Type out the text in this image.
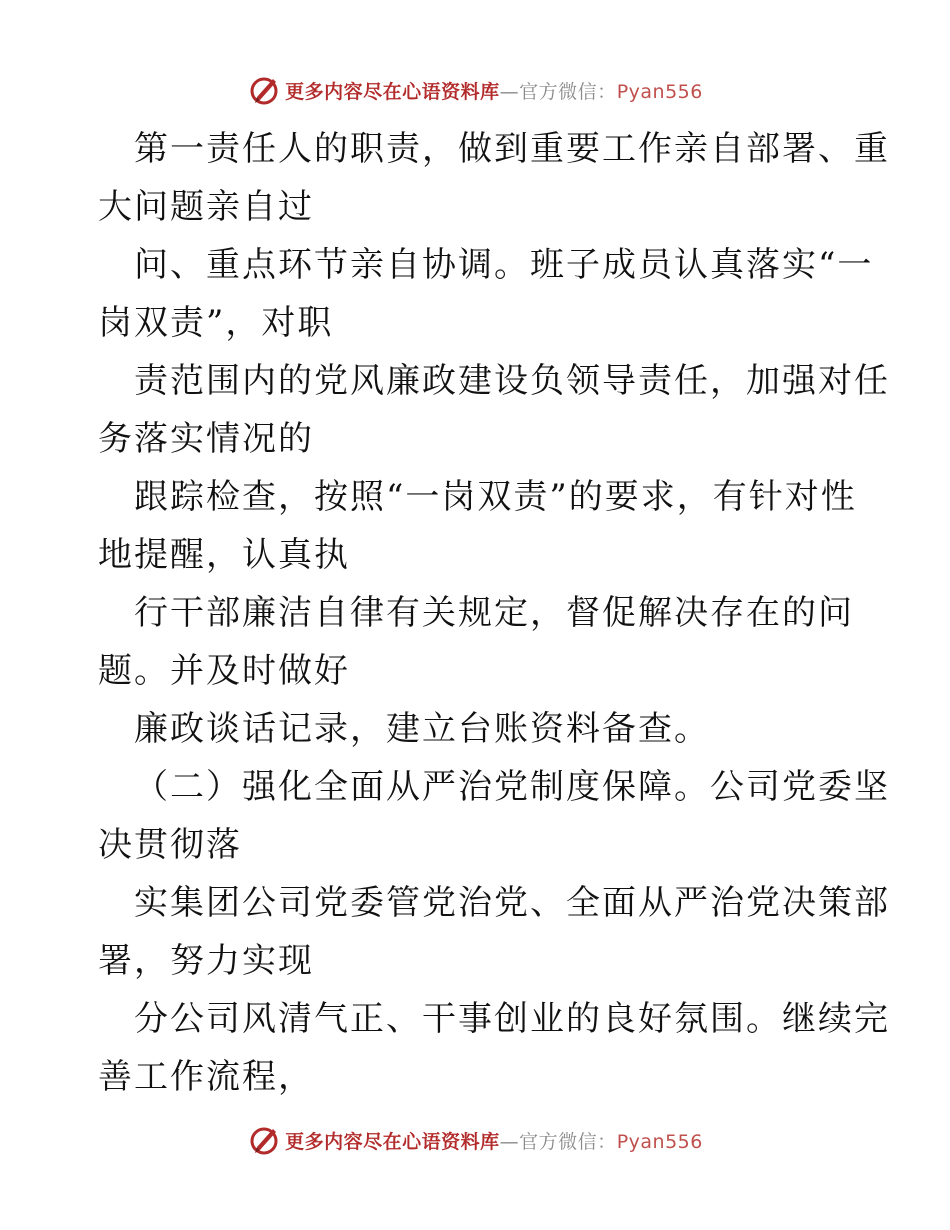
更多内容尽在心语资料库—官方微信：Pyan556
第一责任人的职责，做到重要工作亲自部署、重
大问题亲自过
问、重点环节亲自协调。班子成员认真落实“一
岗双责”，对职
责范围内的党风廉政建设负领导责任，加强对任
务落实情况的
跟踪检查，按照“一岗双责”的要求，有针对性
地提醒，认真执
行干部廉洁自律有关规定，督促解决存在的问
题。并及时做好
廉政谈话记录，建立台账资料备查。
（二）强化全面从严治党制度保障。公司党委坚
决贯彻落
实集团公司党委管党治党、全面从严治党决策部
署，努力实现
分公司风清气正、干事创业的良好氛围。继续完
善工作流程，
更多内容尽在心语资料库—官方微信：Pyan556
